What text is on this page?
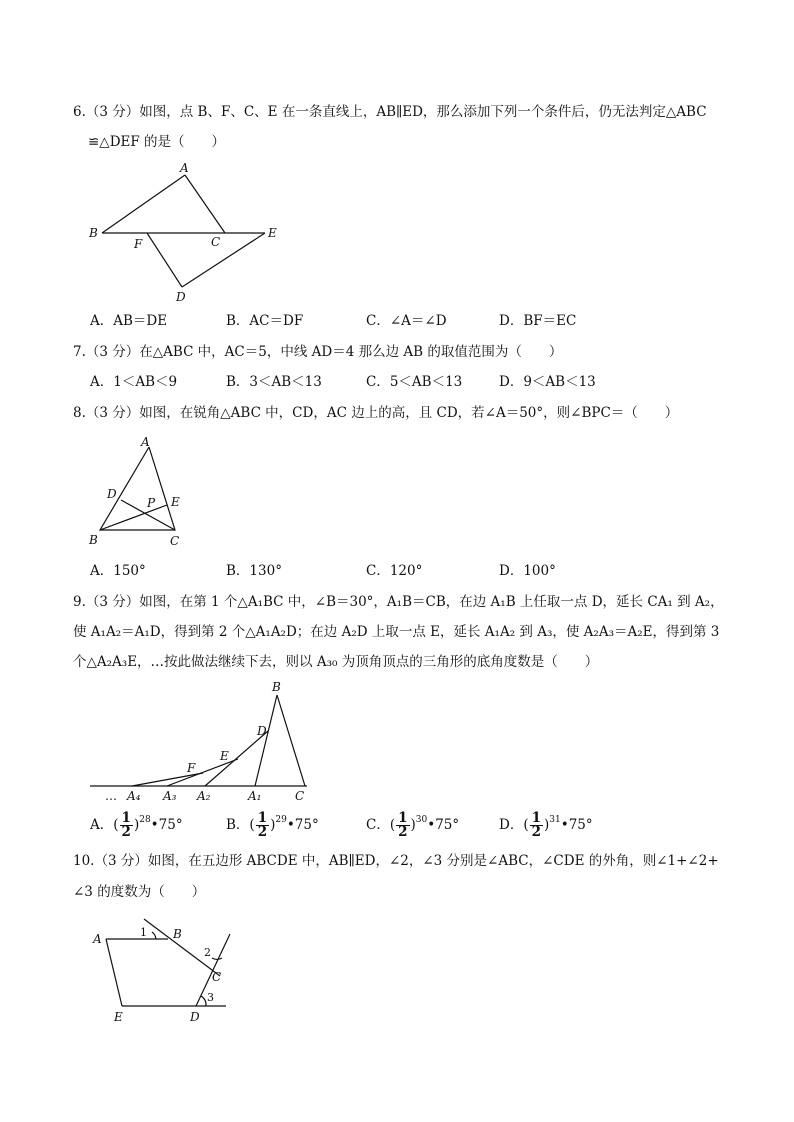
6.（3 分）如图，点 B、F、C、E 在一条直线上，AB∥ED，那么添加下列一个条件后，仍无法判定△ABC
≌△DEF 的是（　　）
A
B
F	C
E
D
A．AB＝DE	B．AC＝DF	C．∠A＝∠D	D．BF＝EC
7.（3 分）在△ABC 中，AC＝5，中线 AD＝4 那么边 AB 的取值范围为（　　）
A．1＜AB＜9	B．3＜AB＜13	C．5＜AB＜13	D．9＜AB＜13
8.（3 分）如图，在锐角△ABC 中，CD，AC 边上的高，且 CD，若∠A＝50°，则∠BPC＝（　　）
A
D
P E
B	C
A．150°	B．130°	C．120°	D．100°
9.（3 分）如图，在第 1 个△A₁BC 中，∠B＝30°，A₁B＝CB，在边 A₁B 上任取一点 D，延长 CA₁ 到 A₂，
使 A₁A₂＝A₁D，得到第 2 个△A₁A₂D；在边 A₂D 上取一点 E，延长 A₁A₂ 到 A₃，使 A₂A₃＝A₂E，得到第 3
个△A₂A₃E，…按此做法继续下去，则以 A₃₀ 为顶角顶点的三角形的底角度数是（　　）
B
D
E
F
… A₄ A₃ A₂	A₁	C
A．( $\frac{1}{2}$ )$^{28}$•75°	B．( $\frac{1}{2}$ )$^{29}$•75°	C．( $\frac{1}{2}$ )$^{30}$•75°	D．( $\frac{1}{2}$ )$^{31}$•75°
10.（3 分）如图，在五边形 ABCDE 中，AB∥ED，∠2，∠3 分别是∠ABC，∠CDE 的外角，则∠1+∠2+
∠3 的度数为（　　）
A	B
C
D
E
1
2
3
